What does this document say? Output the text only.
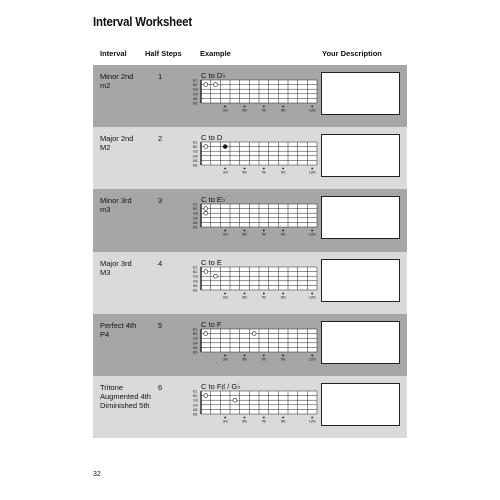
Interval Worksheet
Interval Half Steps Example	Your Description
Minor 2nd
m2
1	C to D♭
E1
B2
G3
D4
A5
E6
3rd	5th	7th	9th	12th
Major 2nd
M2
2	C to D
E1
B2
G3
D4
A5
E6
3rd	5th	7th	9th	12th
Minor 3rd
m3
3	C to E♭
E1
B2
G3
D4
A5
E6
3rd	5th	7th	9th	12th
Major 3rd
M3
4	C to E
E1
B2
G3
D4
A5
E6
3rd	5th	7th	9th	12th
Perfect 4th
P4
5	C to F
E1
B2
G3
D4
A5
E6
3rd	5th	7th	9th	12th
Tritone
Augmented 4th
Diminished 5th
6	C to F♯ / G♭
E1
B2
G3
D4
A5
E6
3rd	5th	7th	9th	12th
32
